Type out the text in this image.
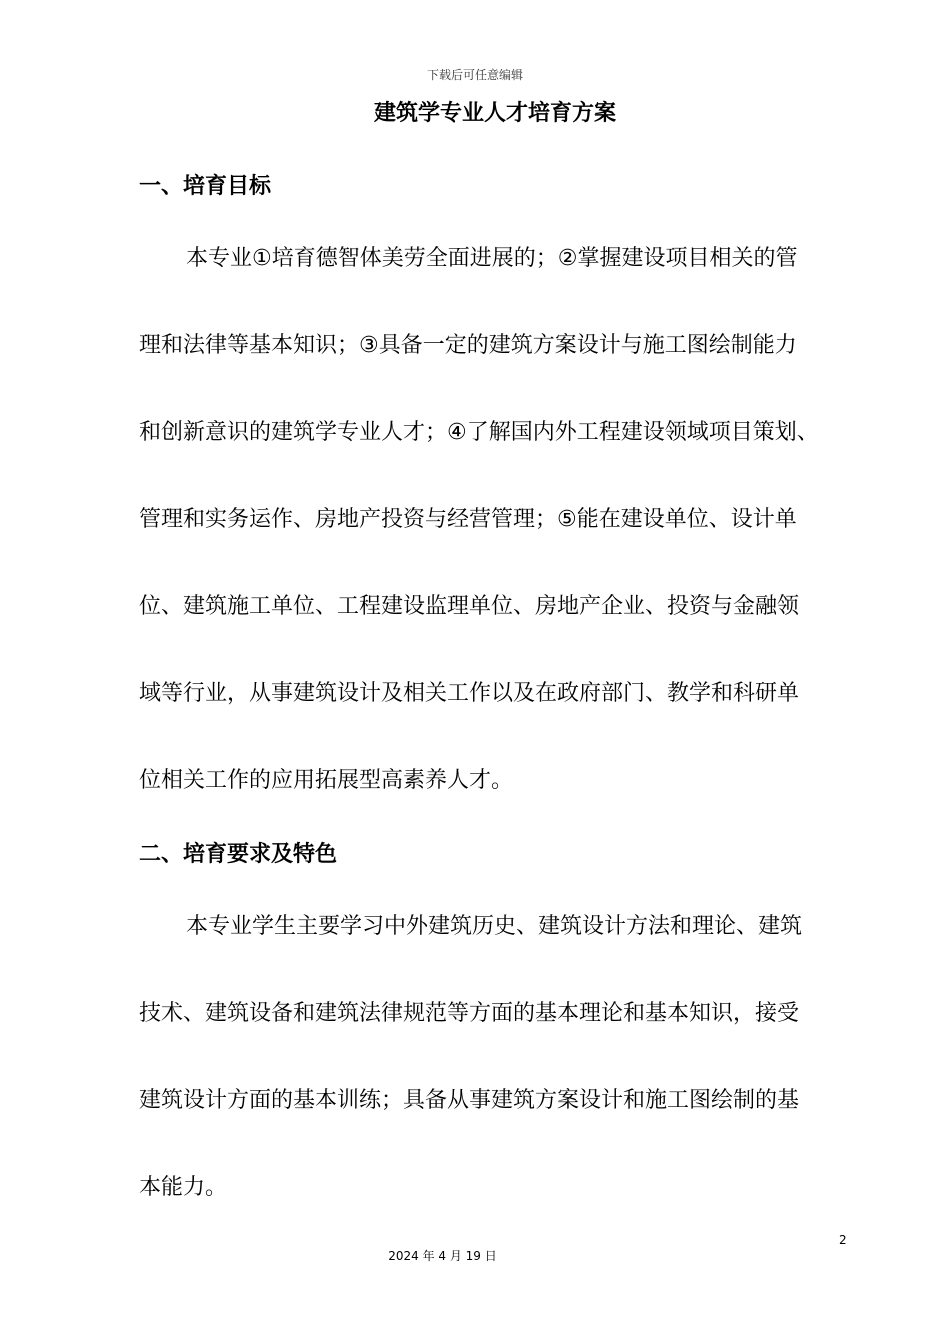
下载后可任意编辑
建筑学专业人才培育方案
一、培育目标

本专业①培育德智体美劳全面进展的；②掌握建设项目相关的管

理和法律等基本知识；③具备一定的建筑方案设计与施工图绘制能力

和创新意识的建筑学专业人才；④了解国内外工程建设领域项目策划、

管理和实务运作、房地产投资与经营管理；⑤能在建设单位、设计单

位、建筑施工单位、工程建设监理单位、房地产企业、投资与金融领

域等行业，从事建筑设计及相关工作以及在政府部门、教学和科研单

位相关工作的应用拓展型高素养人才。

二、培育要求及特色

本专业学生主要学习中外建筑历史、建筑设计方法和理论、建筑

技术、建筑设备和建筑法律规范等方面的基本理论和基本知识，接受

建筑设计方面的基本训练；具备从事建筑方案设计和施工图绘制的基

本能力。

2
2024 年 4 月 19 日
